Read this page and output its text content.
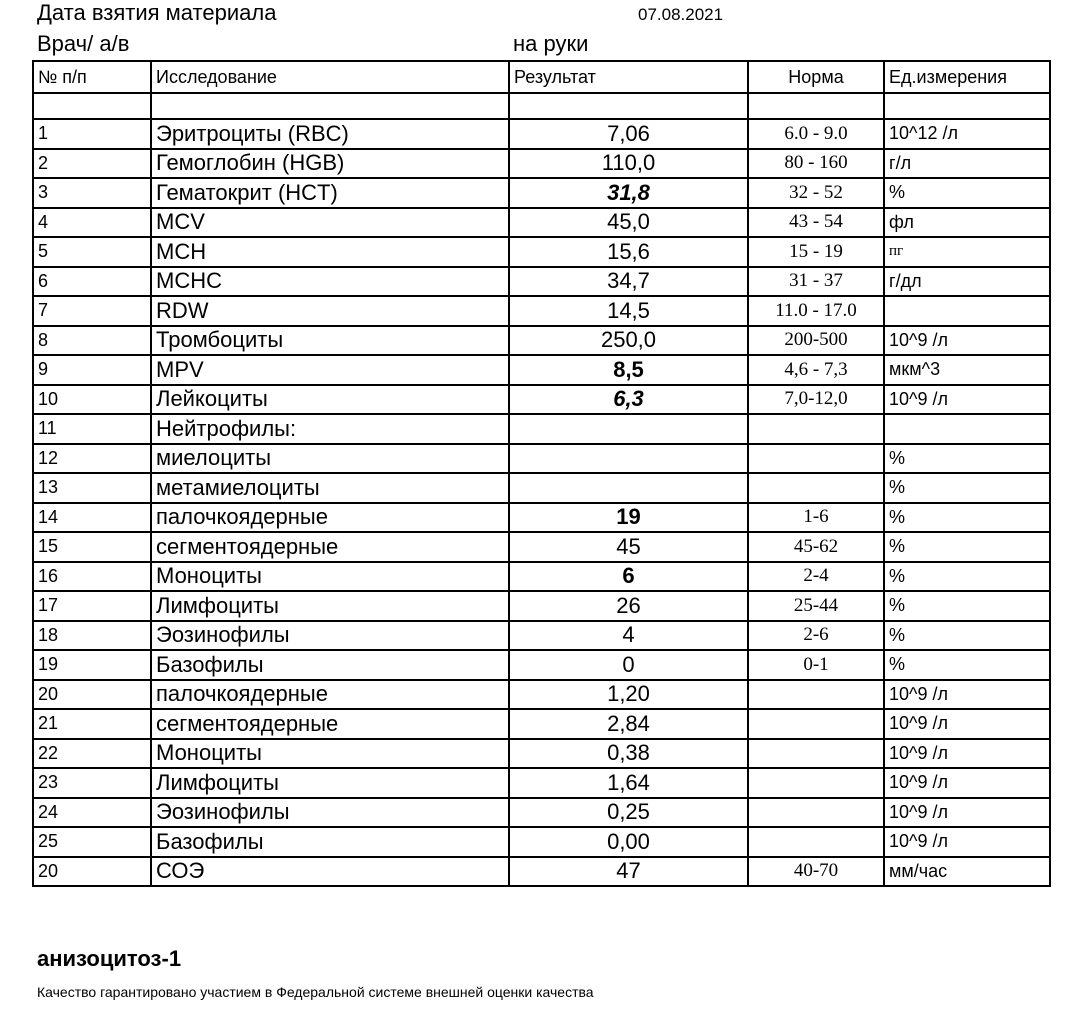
Дата взятия материала	07.08.2021
Врач/ а/в	на руки
№ п/п	Исследование	Результат	Норма	Ед.измерения

1	Эритроциты (RBC)	7,06	6.0 - 9.0	10^12 /л
2	Гемоглобин (HGB)	110,0	80 - 160	г/л
3	Гематокрит (HCT)	31,8	32 - 52	%
4	MCV	45,0	43 - 54	фл
5	MCH	15,6	15 - 19	пг
6	MCHC	34,7	31 - 37	г/дл
7	RDW	14,5	11.0 - 17.0	
8	Тромбоциты	250,0	200-500	10^9 /л
9	MPV	8,5	4,6 - 7,3	мкм^3
10	Лейкоциты	6,3	7,0-12,0	10^9 /л
11	Нейтрофилы:			
12	миелоциты			%
13	метамиелоциты			%
14	палочкоядерные	19	1-6	%
15	сегментоядерные	45	45-62	%
16	Моноциты	6	2-4	%
17	Лимфоциты	26	25-44	%
18	Эозинофилы	4	2-6	%
19	Базофилы	0	0-1	%
20	палочкоядерные	1,20		10^9 /л
21	сегментоядерные	2,84		10^9 /л
22	Моноциты	0,38		10^9 /л
23	Лимфоциты	1,64		10^9 /л
24	Эозинофилы	0,25		10^9 /л
25	Базофилы	0,00		10^9 /л
20	СОЭ	47	40-70	мм/час
анизоцитоз-1
Качество гарантировано участием в Федеральной системе внешней оценки качества
